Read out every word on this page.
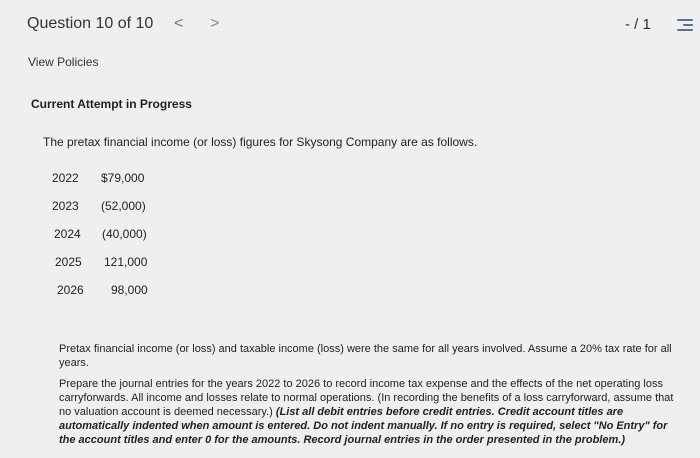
Question 10 of 10 < >	- / 1
View Policies
Current Attempt in Progress
The pretax financial income (or loss) figures for Skysong Company are as follows.
2022 $79,000
2023 (52,000)
2024 (40,000)
2025 121,000
2026 98,000

Pretax financial income (or loss) and taxable income (loss) were the same for all years involved. Assume a 20% tax rate for all years.

Prepare the journal entries for the years 2022 to 2026 to record income tax expense and the effects of the net operating loss carryforwards. All income and losses relate to normal operations. (In recording the benefits of a loss carryforward, assume that no valuation account is deemed necessary.) (List all debit entries before credit entries. Credit account titles are automatically indented when amount is entered. Do not indent manually. If no entry is required, select "No Entry" for the account titles and enter 0 for the amounts. Record journal entries in the order presented in the problem.)
